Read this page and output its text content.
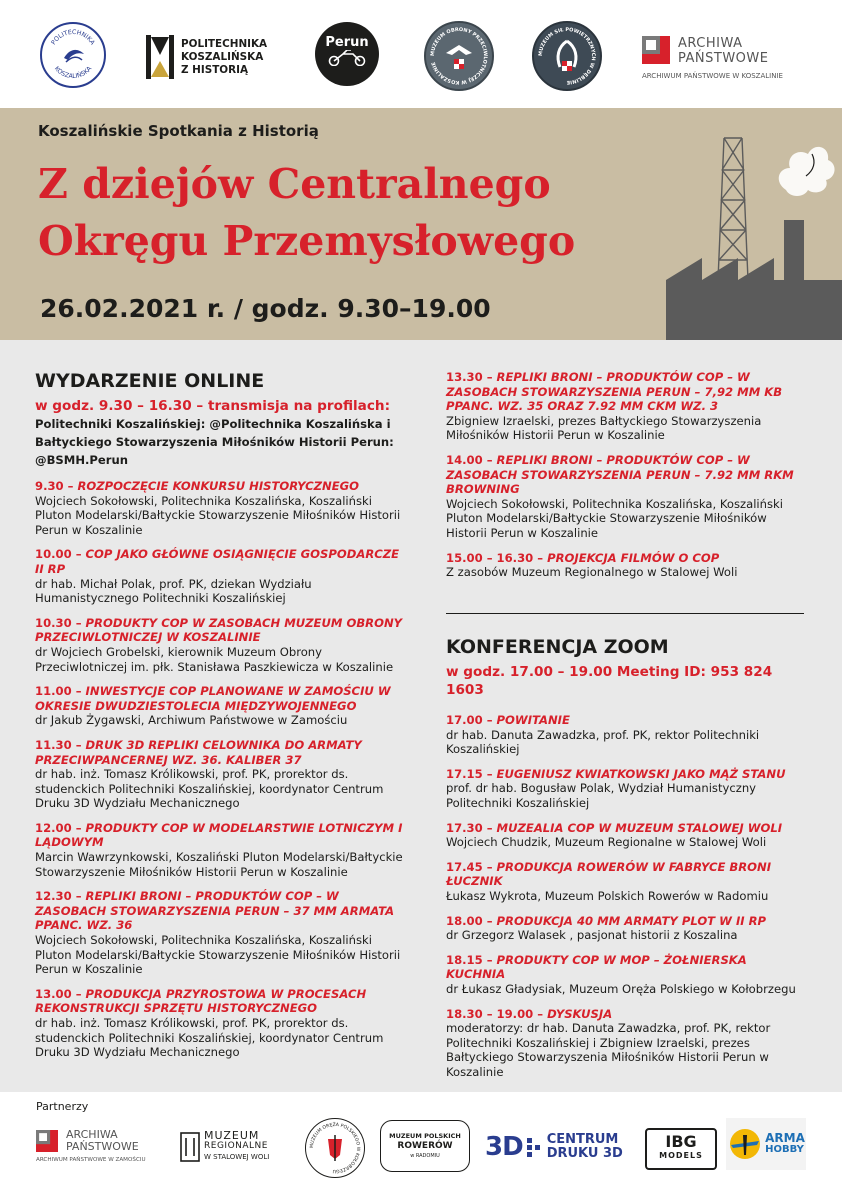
POLITECHNIKA
KOSZALIŃSKA
POLITECHNIKA
KOSZALIŃSKA
Z HISTORIĄ
Perun
MUZEUM OBRONY PRZECIWLOTNICZEJ W KOSZALINIE
MUZEUM SIŁ POWIETRZNYCH W DĘBLINIE
ARCHIWA
PAŃSTWOWE
ARCHIWUM PAŃSTWOWE W KOSZALINIE
Koszalińskie Spotkania z Historią
Z dziejów Centralnego
Okręgu Przemysłowego
26.02.2021 r. / godz. 9.30–19.00
WYDARZENIE ONLINE
w godz. 9.30 – 16.30 – transmisja na profilach:
Politechniki Koszalińskiej: @Politechnika Koszalińska i Bałtyckiego Stowarzyszenia Miłośników Historii Perun: @BSMH.Perun
9.30 – ROZPOCZĘCIE KONKURSU HISTORYCZNEGO
Wojciech Sokołowski, Politechnika Koszalińska, Koszaliński Pluton Modelarski/Bałtyckie Stowarzyszenie Miłośników Historii Perun w Koszalinie
10.00 – COP JAKO GŁÓWNE OSIĄGNIĘCIE GOSPODARCZE II RP
dr hab. Michał Polak, prof. PK, dziekan Wydziału Humanistycznego Politechniki Koszalińskiej
10.30 – PRODUKTY COP W ZASOBACH MUZEUM OBRONY PRZECIWLOTNICZEJ W KOSZALINIE
dr Wojciech Grobelski, kierownik Muzeum Obrony Przeciwlotniczej im. płk. Stanisława Paszkiewicza w Koszalinie
11.00 – INWESTYCJE COP PLANOWANE W ZAMOŚCIU W OKRESIE DWUDZIESTOLECIA MIĘDZYWOJENNEGO
dr Jakub Żygawski, Archiwum Państwowe w Zamościu
11.30 – DRUK 3D REPLIKI CELOWNIKA DO ARMATY PRZECIWPANCERNEJ WZ. 36. KALIBER 37
dr hab. inż. Tomasz Królikowski, prof. PK, prorektor ds. studenckich Politechniki Koszalińskiej, koordynator Centrum Druku 3D Wydziału Mechanicznego
12.00 – PRODUKTY COP W MODELARSTWIE LOTNICZYM I LĄDOWYM
Marcin Wawrzynkowski, Koszaliński Pluton Modelarski/Bałtyckie Stowarzyszenie Miłośników Historii Perun w Koszalinie
12.30 – REPLIKI BRONI – PRODUKTÓW COP – W ZASOBACH STOWARZYSZENIA PERUN – 37 MM ARMATA PPANC. WZ. 36
Wojciech Sokołowski, Politechnika Koszalińska, Koszaliński Pluton Modelarski/Bałtyckie Stowarzyszenie Miłośników Historii Perun w Koszalinie
13.00 – PRODUKCJA PRZYROSTOWA W PROCESACH REKONSTRUKCJI SPRZĘTU HISTORYCZNEGO
dr hab. inż. Tomasz Królikowski, prof. PK, prorektor ds. studenckich Politechniki Koszalińskiej, koordynator Centrum Druku 3D Wydziału Mechanicznego
13.30 – REPLIKI BRONI – PRODUKTÓW COP – W ZASOBACH STOWARZYSZENIA PERUN – 7,92 MM KB PPANC. WZ. 35 ORAZ 7.92 MM CKM WZ. 3
Zbigniew Izraelski, prezes Bałtyckiego Stowarzyszenia Miłośników Historii Perun w Koszalinie
14.00 – REPLIKI BRONI – PRODUKTÓW COP – W ZASOBACH STOWARZYSZENIA PERUN – 7.92 MM RKM BROWNING
Wojciech Sokołowski, Politechnika Koszalińska, Koszaliński Pluton Modelarski/Bałtyckie Stowarzyszenie Miłośników Historii Perun w Koszalinie
15.00 – 16.30 – PROJEKCJA FILMÓW O COP
Z zasobów Muzeum Regionalnego w Stalowej Woli
KONFERENCJA ZOOM
w godz. 17.00 – 19.00 Meeting ID: 953 824 1603
17.00 – POWITANIE
dr hab. Danuta Zawadzka, prof. PK, rektor Politechniki Koszalińskiej
17.15 – EUGENIUSZ KWIATKOWSKI JAKO MĄŻ STANU
prof. dr hab. Bogusław Polak, Wydział Humanistyczny Politechniki Koszalińskiej
17.30 – MUZEALIA COP W MUZEUM STALOWEJ WOLI
Wojciech Chudzik, Muzeum Regionalne w Stalowej Woli
17.45 – PRODUKCJA ROWERÓW W FABRYCE BRONI ŁUCZNIK
Łukasz Wykrota, Muzeum Polskich Rowerów w Radomiu
18.00 – PRODUKCJA 40 MM ARMATY PLOT W II RP
dr Grzegorz Walasek , pasjonat historii z Koszalina
18.15 – PRODUKTY COP W MOP – ŻOŁNIERSKA KUCHNIA
dr Łukasz Gładysiak, Muzeum Oręża Polskiego w Kołobrzegu
18.30 – 19.00 – DYSKUSJA
moderatorzy: dr hab. Danuta Zawadzka, prof. PK, rektor Politechniki Koszalińskiej i Zbigniew Izraelski, prezes Bałtyckiego Stowarzyszenia Miłośników Historii Perun w Koszalinie
Partnerzy
ARCHIWA
PAŃSTWOWE
ARCHIWUM PAŃSTWOWE W ZAMOŚCIU
MUZEUM
REGIONALNE
W STALOWEJ WOLI
MUZEUM ORĘŻA POLSKIEGO W KOŁOBRZEGU
MUZEUM POLSKICH
ROWERÓW
w RADOMIU 3D CENTRUM
DRUKU 3D
IBG
MODELS
ARMA
HOBBY
